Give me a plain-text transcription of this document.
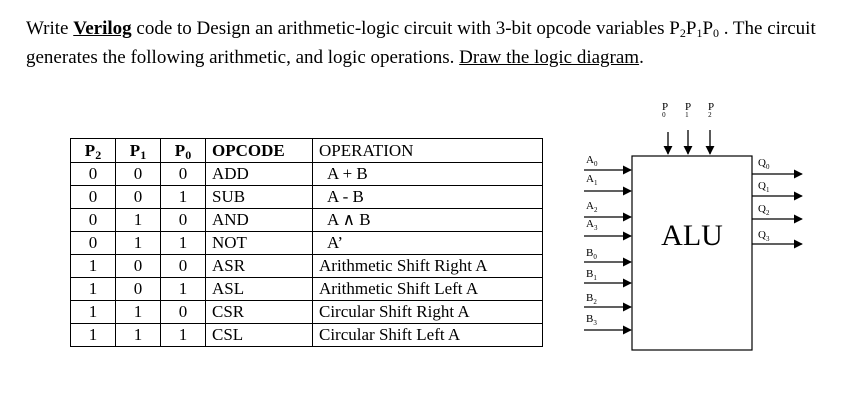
Write Verilog code to Design an arithmetic-logic circuit with 3-bit opcode variables $P_2P_1P_0$ . The circuit generates the following arithmetic, and logic operations. Draw the logic diagram.
$P_2$	$P_1$	$P_0$	OPCODE	OPERATION
0	0	0	ADD	A + B
0	0	1	SUB	A - B
0	1	0	AND	A ∧ B
0	1	1	NOT	A’
1	0	0	ASR	Arithmetic Shift Right A
1	0	1	ASL	Arithmetic Shift Left A
1	1	0	CSR	Circular Shift Right A
1	1	1	CSL	Circular Shift Left A
ALU
P 0
P 1
P 2
$A_0$
$A_1$
$A_2$
$A_3$
$B_0$
$B_1$
$B_2$
$B_3$
$Q_0$
$Q_1$
$Q_2$
$Q_3$
